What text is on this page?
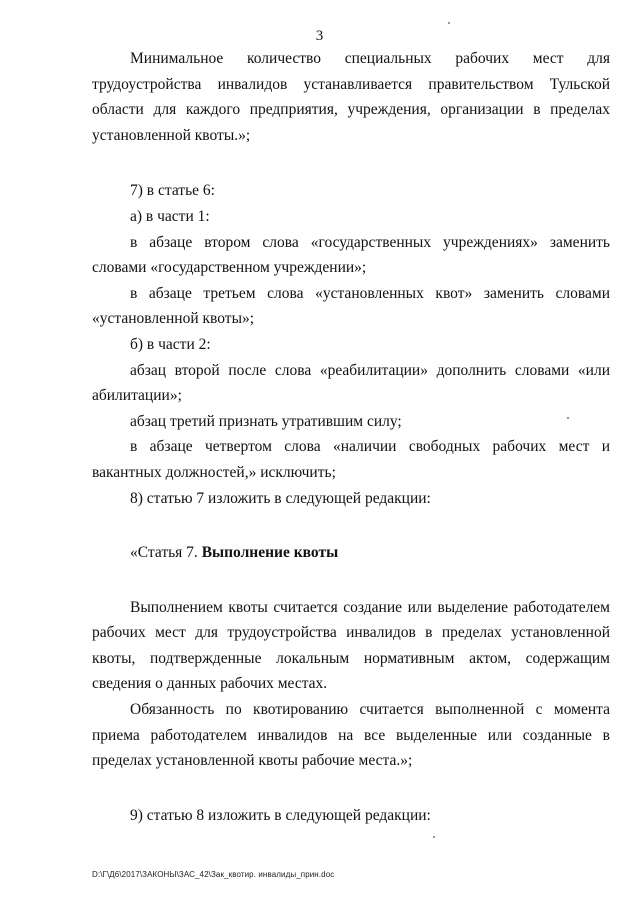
3

Минимальное количество специальных рабочих мест для трудоустройства инвалидов устанавливается правительством Тульской области для каждого предприятия, учреждения, организации в пределах установленной квоты.»;

7) в статье 6:

а) в части 1:

в абзаце втором слова «государственных учреждениях» заменить словами «государственном учреждении»;

в абзаце третьем слова «установленных квот» заменить словами «установленной квоты»;

б) в части 2:

абзац второй после слова «реабилитации» дополнить словами «или абилитации»;

абзац третий признать утратившим силу;

в абзаце четвертом слова «наличии свободных рабочих мест и вакантных должностей,» исключить;

8) статью 7 изложить в следующей редакции:

«Статья 7. Выполнение квоты

Выполнением квоты считается создание или выделение работодателем рабочих мест для трудоустройства инвалидов в пределах установленной квоты, подтвержденные локальным нормативным актом, содержащим сведения о данных рабочих местах.

Обязанность по квотированию считается выполненной с момента приема работодателем инвалидов на все выделенные или созданные в пределах установленной квоты рабочие места.»;

9) статью 8 изложить в следующей редакции:

D:\Г\Д6\2017\ЗАКОНЫ\ЗАС_42\Зак_квотир. инвалиды_прин.doc
